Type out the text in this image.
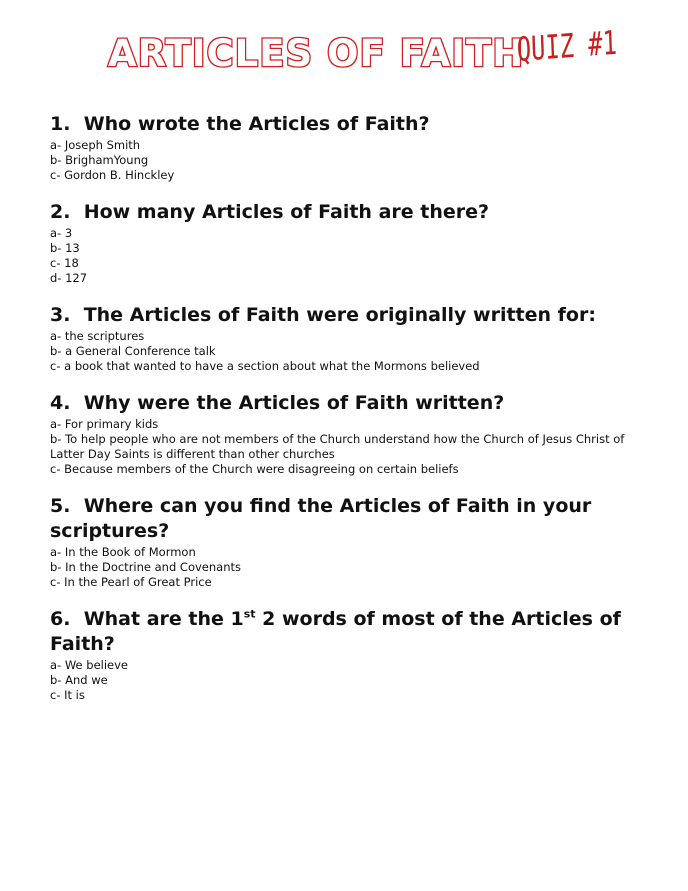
ARTICLES OF FAITH
QUIZ #1
1. Who wrote the Articles of Faith?
a- Joseph Smith
b- BrighamYoung
c- Gordon B. Hinckley
2. How many Articles of Faith are there?
a- 3
b- 13
c- 18
d- 127
3. The Articles of Faith were originally written for:
a- the scriptures
b- a General Conference talk
c- a book that wanted to have a section about what the Mormons believed
4. Why were the Articles of Faith written?
a- For primary kids
b- To help people who are not members of the Church understand how the Church of Jesus Christ of Latter Day Saints is different than other churches
c- Because members of the Church were disagreeing on certain beliefs
5. Where can you find the Articles of Faith in your scriptures?
a- In the Book of Mormon
b- In the Doctrine and Covenants
c- In the Pearl of Great Price
6. What are the 1st 2 words of most of the Articles of Faith?
a- We believe
b- And we
c- It is
